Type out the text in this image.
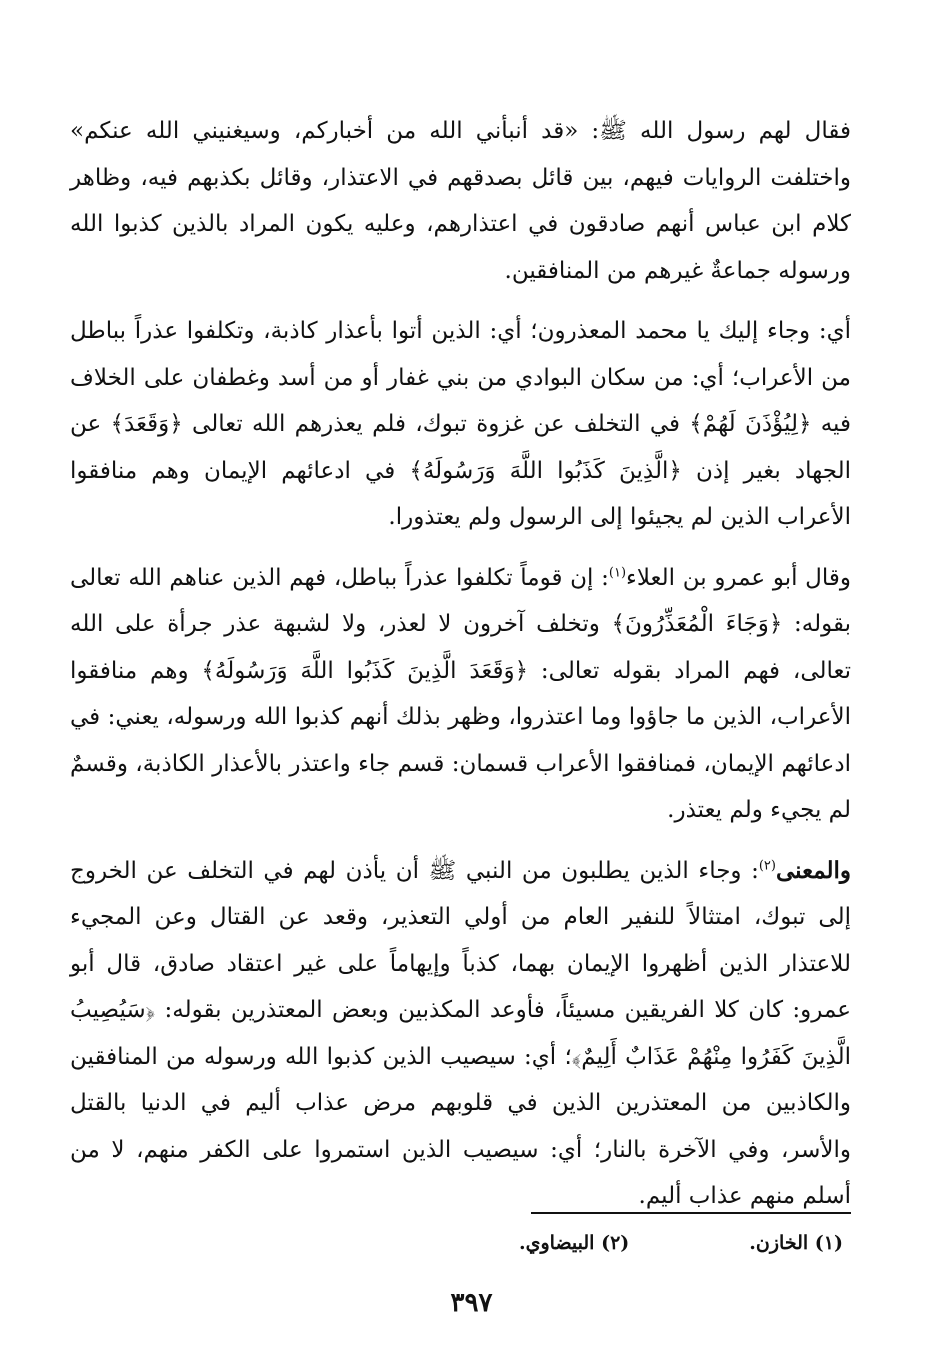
فقال لهم رسول الله ﷺ: «قد أنبأني الله من أخباركم، وسيغنيني الله عنكم» واختلفت الروايات فيهم، بين قائل بصدقهم في الاعتذار، وقائل بكذبهم فيه، وظاهر كلام ابن عباس أنهم صادقون في اعتذارهم، وعليه يكون المراد بالذين كذبوا الله ورسوله جماعةٌ غيرهم من المنافقين.

أي: وجاء إليك يا محمد المعذرون؛ أي: الذين أتوا بأعذار كاذبة، وتكلفوا عذراً بباطل من الأعراب؛ أي: من سكان البوادي من بني غفار أو من أسد وغطفان على الخلاف فيه ﴿لِيُؤْذَنَ لَهُمْ﴾ في التخلف عن غزوة تبوك، فلم يعذرهم الله تعالى ﴿وَقَعَدَ﴾ عن الجهاد بغير إذن ﴿الَّذِينَ كَذَبُوا اللَّهَ وَرَسُولَهُ﴾ في ادعائهم الإيمان وهم منافقوا الأعراب الذين لم يجيئوا إلى الرسول ولم يعتذورا.

وقال أبو عمرو بن العلاء$^{(١)}$: إن قوماً تكلفوا عذراً بباطل، فهم الذين عناهم الله تعالى بقوله: ﴿وَجَاءَ الْمُعَذِّرُونَ﴾ وتخلف آخرون لا لعذر، ولا لشبهة عذر جرأة على الله تعالى، فهم المراد بقوله تعالى: ﴿وَقَعَدَ الَّذِينَ كَذَبُوا اللَّهَ وَرَسُولَهُ﴾ وهم منافقوا الأعراب، الذين ما جاؤوا وما اعتذروا، وظهر بذلك أنهم كذبوا الله ورسوله، يعني: في ادعائهم الإيمان، فمنافقوا الأعراب قسمان: قسم جاء واعتذر بالأعذار الكاذبة، وقسمٌ لم يجيء ولم يعتذر.

والمعنى$^{(٢)}$: وجاء الذين يطلبون من النبي ﷺ أن يأذن لهم في التخلف عن الخروج إلى تبوك، امتثالاً للنفير العام من أولي التعذير، وقعد عن القتال وعن المجيء للاعتذار الذين أظهروا الإيمان بهما، كذباً وإيهاماً على غير اعتقاد صادق، قال أبو عمرو: كان كلا الفريقين مسيئاً، فأوعد المكذبين وبعض المعتذرين بقوله: ﴿سَيُصِيبُ الَّذِينَ كَفَرُوا مِنْهُمْ عَذَابٌ أَلِيمٌ﴾؛ أي: سيصيب الذين كذبوا الله ورسوله من المنافقين والكاذبين من المعتذرين الذين في قلوبهم مرض عذاب أليم في الدنيا بالقتل والأسر، وفي الآخرة بالنار؛ أي: سيصيب الذين استمروا على الكفر منهم، لا من أسلم منهم عذاب أليم.

(١) الخازن.
(٢) البيضاوي.
٣٩٧
